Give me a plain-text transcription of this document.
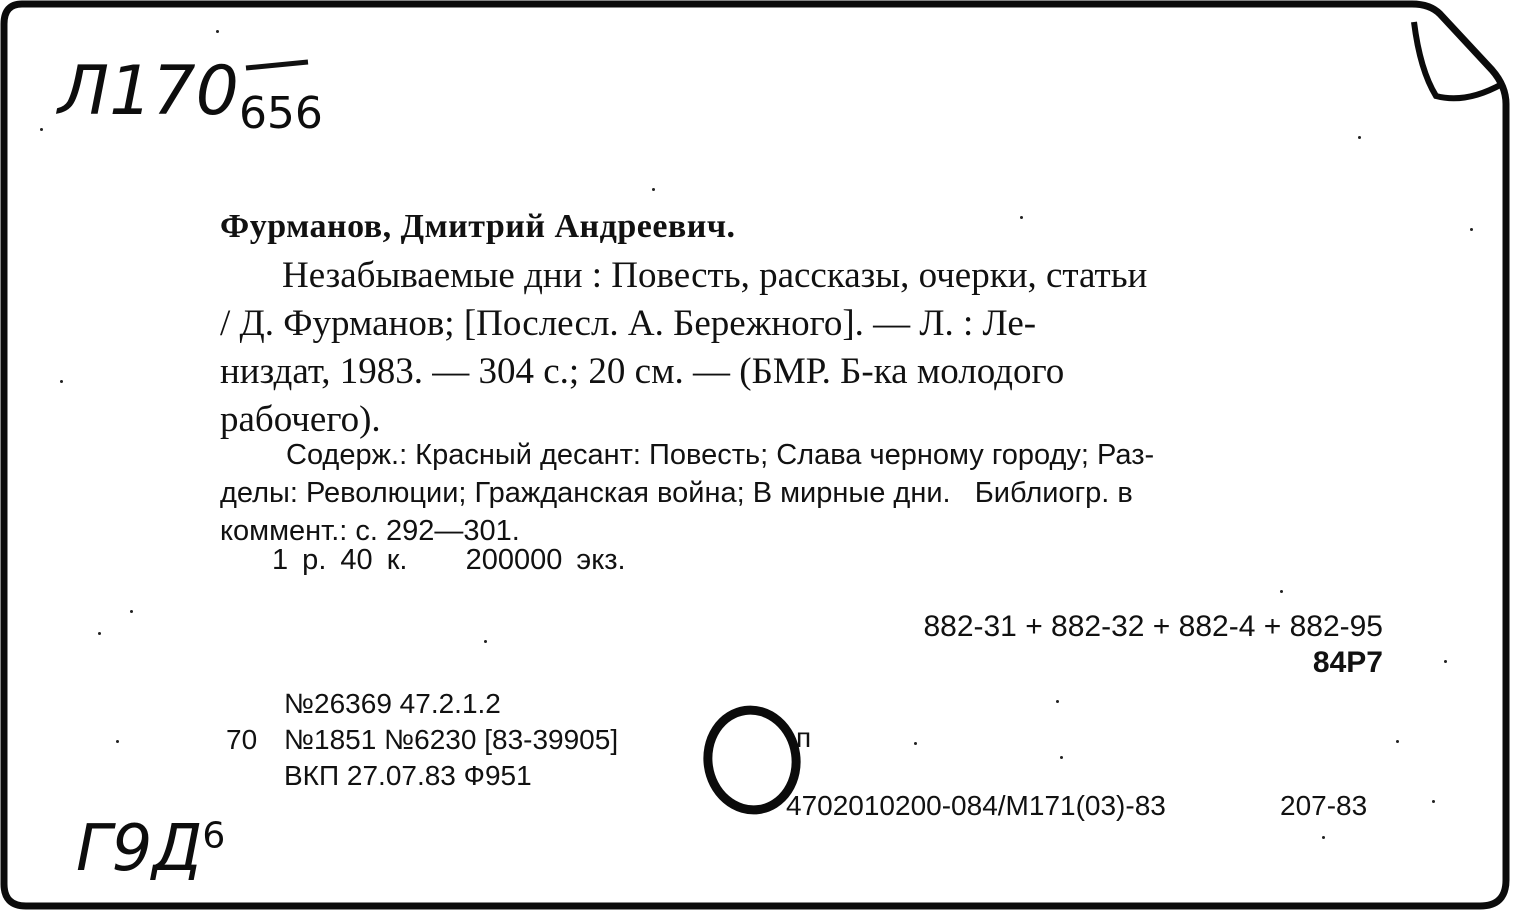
$Л170_{656}$
$Г9Д^6$
Фурманов, Дмитрий Андреевич.
Незабываемые дни : Повесть, рассказы, очерки, статьи
/ Д. Фурманов; [Послесл. А. Бережного]. — Л. : Ле-
низдат, 1983. — 304 с.; 20 см. — (БМР. Б-ка молодого
рабочего).
Содерж.: Красный десант: Повесть; Слава черному городу; Раз-
делы: Революции; Гражданская война; В мирные дни.   Библиогр. в
коммент.: с. 292—301.
1 р. 40 к. 200000 экз.
882-31 + 882-32 + 882-4 + 882-95
84Р7
№26369 47.2.1.2
70 №1851 №6230 [83-39905]	п
ВКП 27.07.83 Ф951
4702010200-084/М171(03)-83	207-83
